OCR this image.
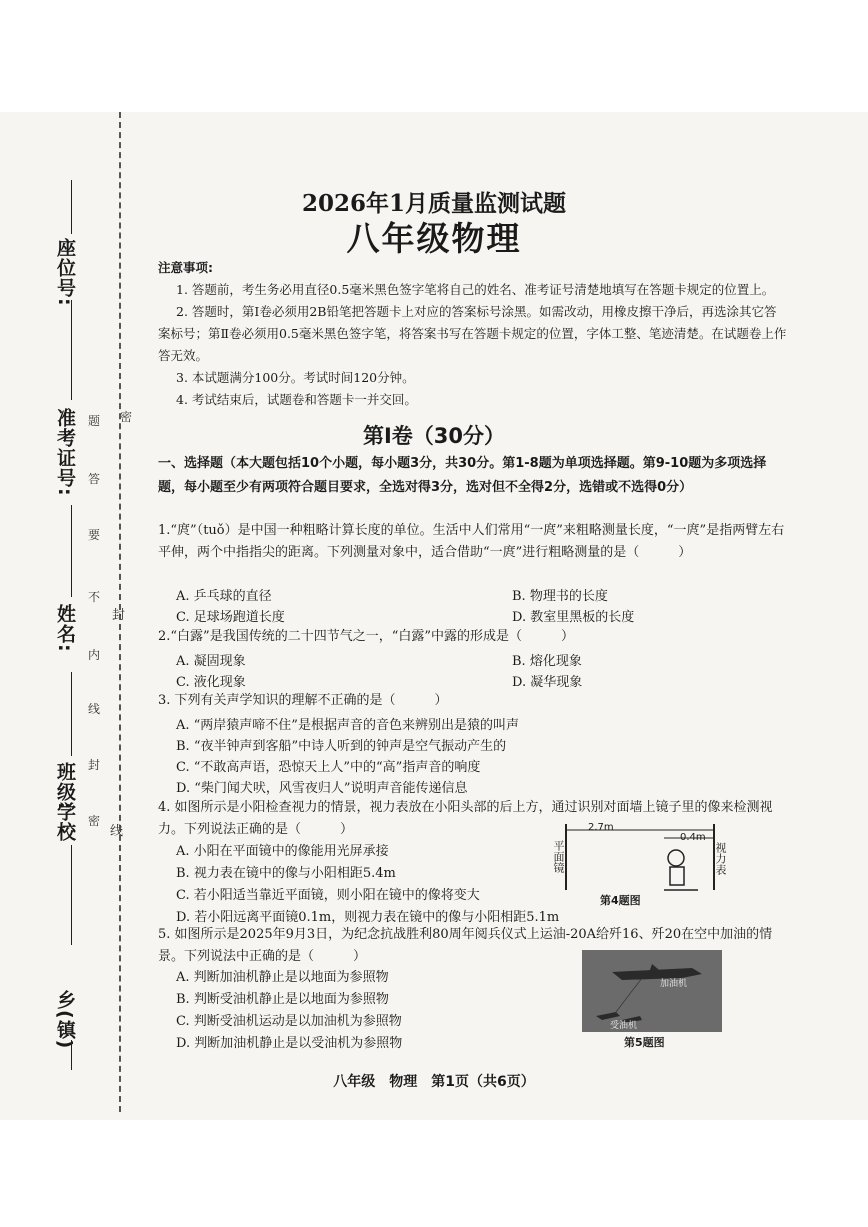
座位号:
准考证号:
姓名:
班级:
学校
乡(镇)
题 密
答
要
不
内
线
封
密
封
线
2026年1月质量监测试题
八年级物理
注意事项:

1. 答题前，考生务必用直径0.5毫米黑色签字笔将自己的姓名、准考证号清楚地填写在答题卡规定的位置上。

2. 答题时，第Ⅰ卷必须用2B铅笔把答题卡上对应的答案标号涂黑。如需改动，用橡皮擦干净后，再选涂其它答案标号；第Ⅱ卷必须用0.5毫米黑色签字笔，将答案书写在答题卡规定的位置，字体工整、笔迹清楚。在试题卷上作答无效。

3. 本试题满分100分。考试时间120分钟。

4. 考试结束后，试题卷和答题卡一并交回。

第Ⅰ卷（30分）
一、选择题（本大题包括10个小题，每小题3分，共30分。第1-8题为单项选择题。第9-10题为多项选择题，每小题至少有两项符合题目要求，全选对得3分，选对但不全得2分，选错或不选得0分）

1.“庹”（tuǒ）是中国一种粗略计算长度的单位。生活中人们常用“一庹”来粗略测量长度，“一庹”是指两臂左右平伸，两个中指指尖的距离。下列测量对象中，适合借助“一庹”进行粗略测量的是（　　　）

A. 乒乓球的直径	B. 物理书的长度
C. 足球场跑道长度	D. 教室里黑板的长度

2.“白露”是我国传统的二十四节气之一，“白露”中露的形成是（　　　）

A. 凝固现象	B. 熔化现象
C. 液化现象	D. 凝华现象

3. 下列有关声学知识的理解不正确的是（　　　）

A. “两岸猿声啼不住”是根据声音的音色来辨别出是猿的叫声
B. “夜半钟声到客船”中诗人听到的钟声是空气振动产生的
C. “不敢高声语，恐惊天上人”中的“高”指声音的响度
D. “柴门闻犬吠，风雪夜归人”说明声音能传递信息

4. 如图所示是小阳检查视力的情景，视力表放在小阳头部的后上方，通过识别对面墙上镜子里的像来检测视力。下列说法正确的是（　　　）

A. 小阳在平面镜中的像能用光屏承接
B. 视力表在镜中的像与小阳相距5.4m
C. 若小阳适当靠近平面镜，则小阳在镜中的像将变大
D. 若小阳远离平面镜0.1m，则视力表在镜中的像与小阳相距5.1m
2.7m
0.4m
平面镜	视力表
第4题图

5. 如图所示是2025年9月3日，为纪念抗战胜利80周年阅兵仪式上运油-20A给歼16、歼20在空中加油的情景。下列说法中正确的是（　　　）

A. 判断加油机静止是以地面为参照物
B. 判断受油机静止是以地面为参照物
C. 判断受油机运动是以加油机为参照物
D. 判断加油机静止是以受油机为参照物
加油机
受油机
第5题图
八年级　物理　第1页（共6页）
